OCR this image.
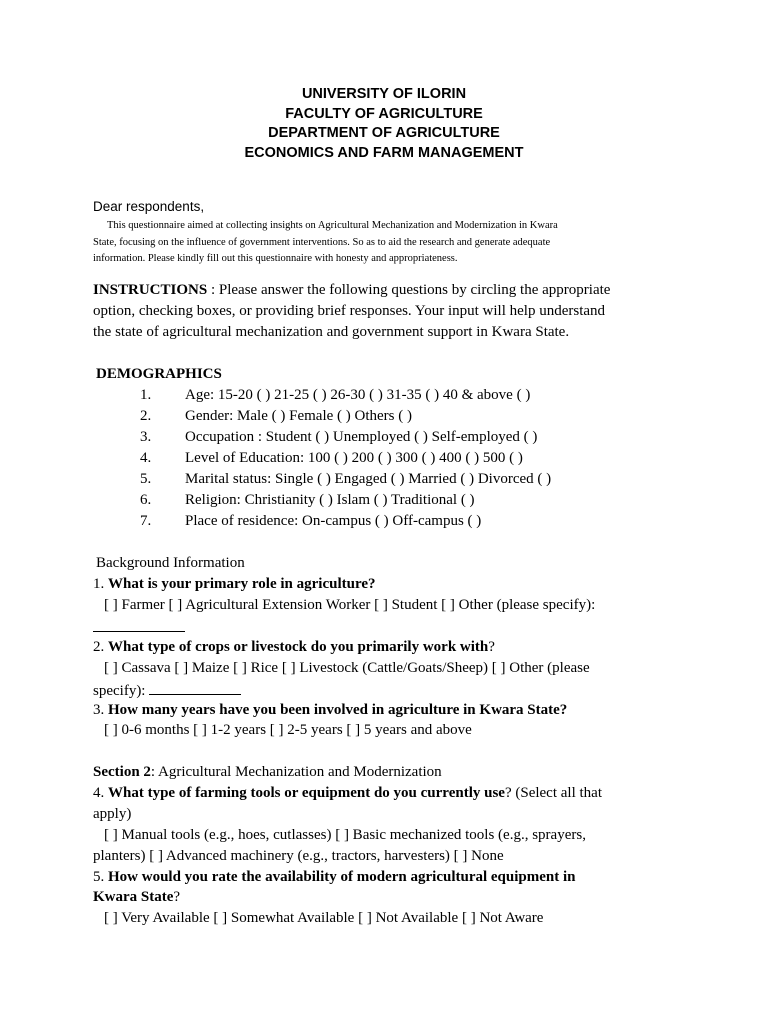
UNIVERSITY OF ILORIN
FACULTY OF AGRICULTURE
DEPARTMENT OF AGRICULTURE
ECONOMICS AND FARM MANAGEMENT
Dear respondents,
This questionnaire aimed at collecting insights on Agricultural Mechanization and Modernization in Kwara
State, focusing on the influence of government interventions. So as to aid the research and generate adequate
information. Please kindly fill out this questionnaire with honesty and appropriateness.
INSTRUCTIONS : Please answer the following questions by circling the appropriate
option, checking boxes, or providing brief responses. Your input will help understand
the state of agricultural mechanization and government support in Kwara State.
DEMOGRAPHICS
1. Age: 15-20 ( ) 21-25 ( ) 26-30 ( ) 31-35 ( ) 40 & above ( )
2. Gender: Male ( ) Female ( ) Others ( )
3. Occupation : Student ( ) Unemployed ( ) Self-employed ( )
4. Level of Education: 100 ( ) 200 ( ) 300 ( ) 400 ( ) 500 ( )
5. Marital status: Single ( ) Engaged ( ) Married ( ) Divorced ( )
6. Religion: Christianity ( ) Islam ( ) Traditional ( )
7. Place of residence: On-campus ( ) Off-campus ( )
Background Information
1. What is your primary role in agriculture?
[ ] Farmer [ ] Agricultural Extension Worker [ ] Student [ ] Other (please specify):
2. What type of crops or livestock do you primarily work with?
[ ] Cassava [ ] Maize [ ] Rice [ ] Livestock (Cattle/Goats/Sheep) [ ] Other (please
specify):
3. How many years have you been involved in agriculture in Kwara State?
[ ] 0-6 months [ ] 1-2 years [ ] 2-5 years [ ] 5 years and above
Section 2: Agricultural Mechanization and Modernization
4. What type of farming tools or equipment do you currently use? (Select all that
apply)
[ ] Manual tools (e.g., hoes, cutlasses) [ ] Basic mechanized tools (e.g., sprayers,
planters) [ ] Advanced machinery (e.g., tractors, harvesters) [ ] None
5. How would you rate the availability of modern agricultural equipment in
Kwara State?
[ ] Very Available [ ] Somewhat Available [ ] Not Available [ ] Not Aware
